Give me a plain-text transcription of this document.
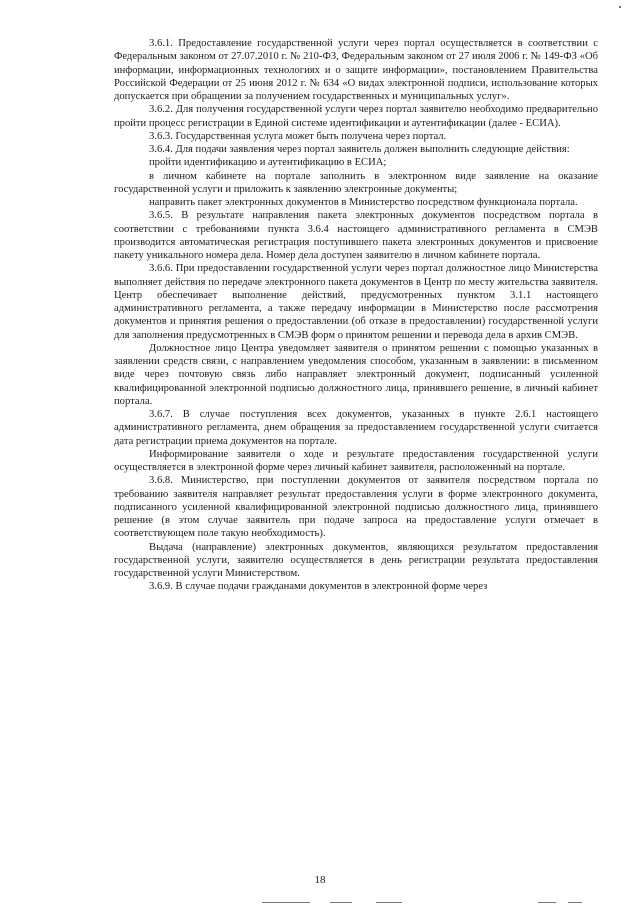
3.6.1. Предоставление государственной услуги через портал осуществляется в соответствии с Федеральным законом от 27.07.2010 г. № 210-ФЗ, Федеральным законом от 27 июля 2006 г. № 149-ФЗ «Об информации, информационных технологиях и о защите информации», постановлением Правительства Российской Федерации от 25 июня 2012 г. № 634 «О видах электронной подписи, использование которых допускается при обращении за получением государственных и муниципальных услуг».

3.6.2. Для получения государственной услуги через портал заявителю необходимо предварительно пройти процесс регистрации в Единой системе идентификации и аутентификации (далее - ЕСИА).

3.6.3. Государственная услуга может быть получена через портал.

3.6.4. Для подачи заявления через портал заявитель должен выполнить следующие действия:

пройти идентификацию и аутентификацию в ЕСИА;

в личном кабинете на портале заполнить в электронном виде заявление на оказание государственной услуги и приложить к заявлению электронные документы;

направить пакет электронных документов в Министерство посредством функционала портала.

3.6.5. В результате направления пакета электронных документов посредством портала в соответствии с требованиями пункта 3.6.4 настоящего административного регламента в СМЭВ производится автоматическая регистрация поступившего пакета электронных документов и присвоение пакету уникального номера дела. Номер дела доступен заявителю в личном кабинете портала.

3.6.6. При предоставлении государственной услуги через портал должностное лицо Министерства выполняет действия по передаче электронного пакета документов в Центр по месту жительства заявителя. Центр обеспечивает выполнение действий, предусмотренных пунктом 3.1.1 настоящего административного регламента, а также передачу информации в Министерство после рассмотрения документов и принятия решения о предоставлении (об отказе в предоставлении) государственной услуги для заполнения предусмотренных в СМЭВ форм о принятом решении и перевода дела в архив СМЭВ.

Должностное лицо Центра уведомляет заявителя о принятом решении с помощью указанных в заявлении средств связи, с направлением уведомления способом, указанным в заявлении: в письменном виде через почтовую связь либо направляет электронный документ, подписанный усиленной квалифицированной электронной подписью должностного лица, принявшего решение, в личный кабинет портала.

3.6.7. В случае поступления всех документов, указанных в пункте 2.6.1 настоящего административного регламента, днем обращения за предоставлением государственной услуги считается дата регистрации приема документов на портале.

Информирование заявителя о ходе и результате предоставления государственной услуги осуществляется в электронной форме через личный кабинет заявителя, расположенный на портале.

3.6.8. Министерство, при поступлении документов от заявителя посредством портала по требованию заявителя направляет результат предоставления услуги в форме электронного документа, подписанного усиленной квалифицированной электронной подписью должностного лица, принявшего решение (в этом случае заявитель при подаче запроса на предоставление услуги отмечает в соответствующем поле такую необходимость).

Выдача (направление) электронных документов, являющихся результатом предоставления государственной услуги, заявителю осуществляется в день регистрации результата предоставления государственной услуги Министерством.

3.6.9. В случае подачи гражданами документов в электронной форме через

18
